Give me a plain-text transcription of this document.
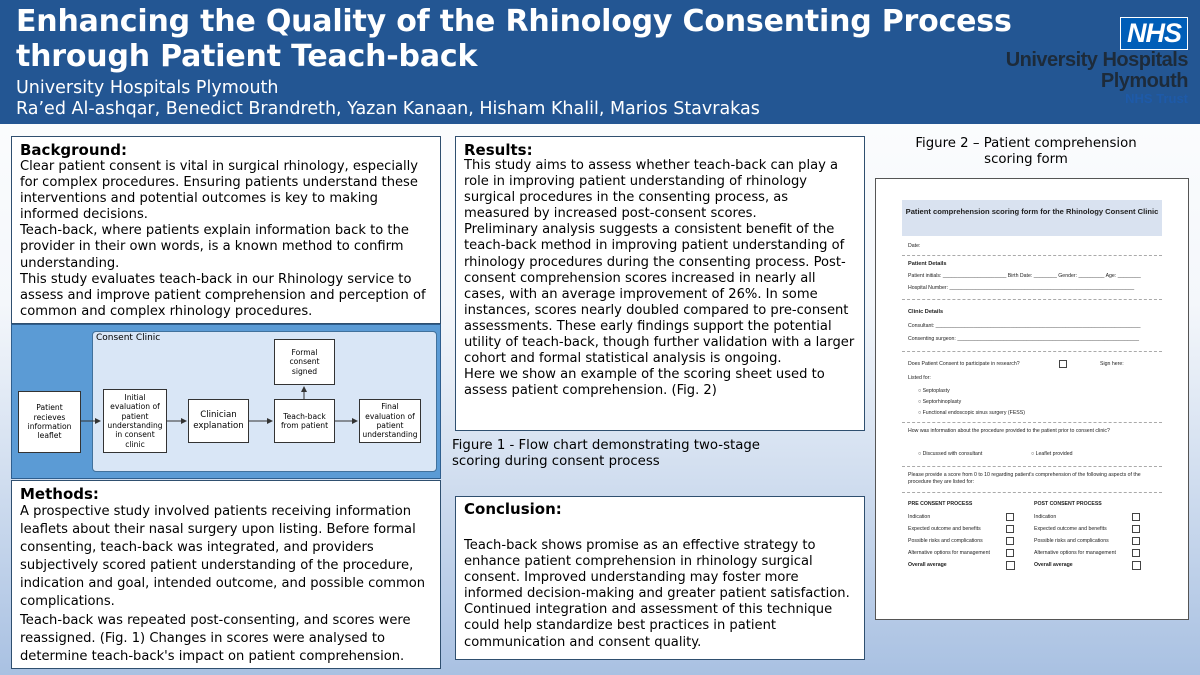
Enhancing the Quality of the Rhinology Consenting Process through Patient Teach-back
University Hospitals Plymouth
Ra’ed Al-ashqar, Benedict Brandreth, Yazan Kanaan, Hisham Khalil, Marios Stavrakas
NHS
University Hospitals
Plymouth
NHS Trust
Background:

Clear patient consent is vital in surgical rhinology, especially for complex procedures. Ensuring patients understand these interventions and potential outcomes is key to making informed decisions.

Teach-back, where patients explain information back to the provider in their own words, is a known method to confirm understanding.

This study evaluates teach-back in our Rhinology service to assess and improve patient comprehension and perception of common and complex rhinology procedures.

Consent Clinic
Patient recieves information leaflet
Initial evaluation of patient understanding in consent clinic
Clinician explanation
Teach-back from patient
Formal consent signed
Final evaluation of patient understanding
Methods:

A prospective study involved patients receiving information leaflets about their nasal surgery upon listing. Before formal consenting, teach-back was integrated, and providers subjectively scored patient understanding of the procedure, indication and goal, intended outcome, and possible common complications.

Teach-back was repeated post-consenting, and scores were reassigned. (Fig. 1) Changes in scores were analysed to determine teach-back's impact on patient comprehension.

Results:

This study aims to assess whether teach-back can play a role in improving patient understanding of rhinology surgical procedures in the consenting process, as measured by increased post-consent scores.

Preliminary analysis suggests a consistent benefit of the teach-back method in improving patient understanding of rhinology procedures during the consenting process. Post-consent comprehension scores increased in nearly all cases, with an average improvement of 26%. In some instances, scores nearly doubled compared to pre-consent assessments. These early findings support the potential utility of teach-back, though further validation with a larger cohort and formal statistical analysis is ongoing.

Here we show an example of the scoring sheet used to assess patient comprehension. (Fig. 2)

Figure 1 - Flow chart demonstrating two-stage scoring during consent process
Conclusion:

Teach-back shows promise as an effective strategy to enhance patient comprehension in rhinology surgical consent. Improved understanding may foster more informed decision-making and greater patient satisfaction. Continued integration and assessment of this technique could help standardize best practices in patient communication and consent quality.

Figure 2 – Patient comprehension scoring form
Patient comprehension scoring form for the Rhinology Consent Clinic
Date:
Patient Details
Patient initials: ______________________ Birth Date: ________ Gender: _________ Age: ________
Hospital Number: ________________________________________________________________
Clinic Details
Consultant: _______________________________________________________________________
Consenting surgeon: _______________________________________________________________
Does Patient Consent to participate in research?	Sign here:
Listed for:
○ Septoplasty
○ Septorhinoplasty
○ Functional endoscopic sinus surgery (FESS)
How was information about the procedure provided to the patient prior to consent clinic?
○ Discussed with consultant	○ Leaflet provided
Please provide a score from 0 to 10 regarding patient’s comprehension of the following aspects of the procedure they are listed for:
PRE CONSENT PROCESS
Indication
Expected outcome and benefits
Possible risks and complications
Alternative options for management
Overall average
POST CONSENT PROCESS
Indication
Expected outcome and benefits
Possible risks and complications
Alternative options for management
Overall average
